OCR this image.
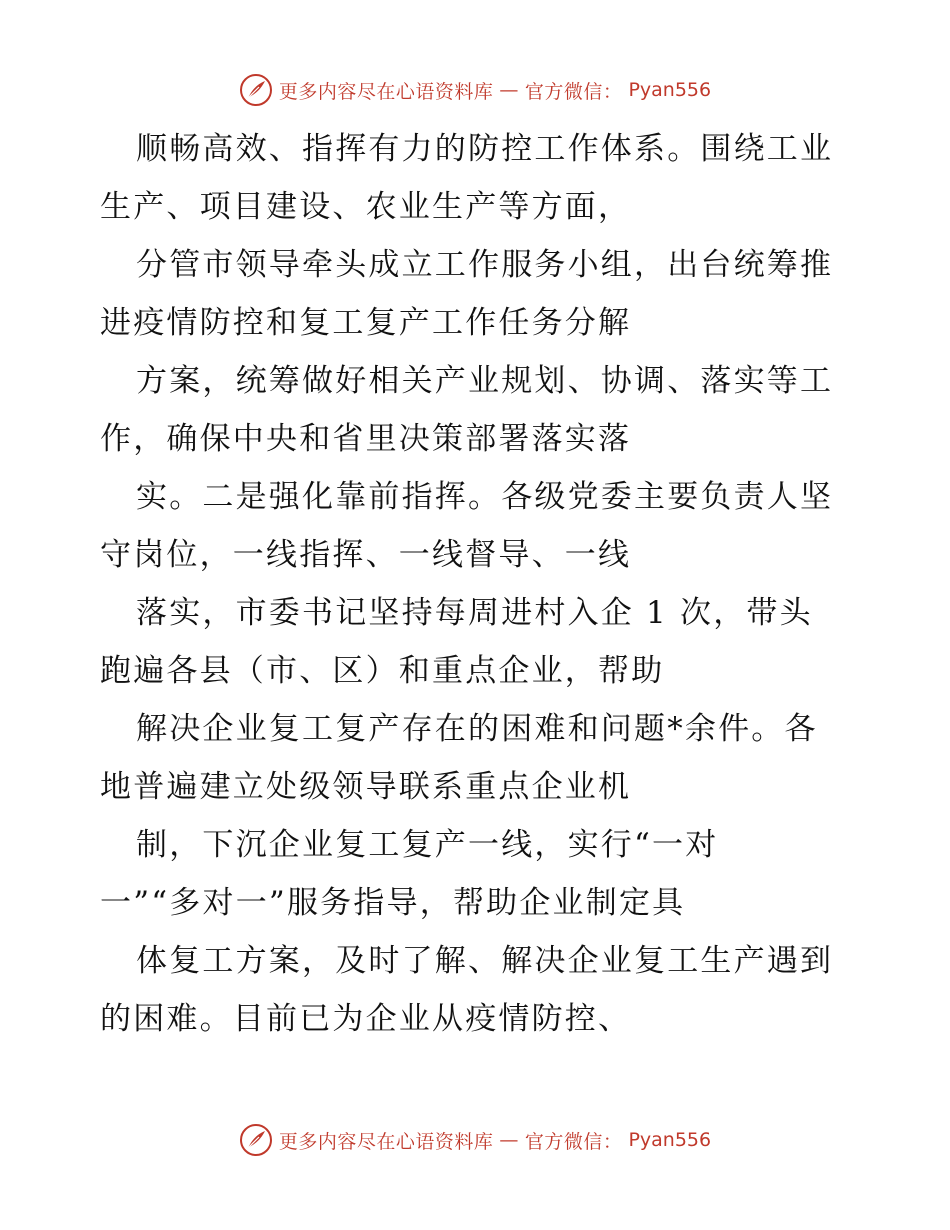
更多内容尽在心语资料库 — 官方微信： Pyan556

顺畅高效、指挥有力的防控工作体系。围绕工业
生产、项目建设、农业生产等方面，

分管市领导牵头成立工作服务小组，出台统筹推
进疫情防控和复工复产工作任务分解

方案，统筹做好相关产业规划、协调、落实等工
作，确保中央和省里决策部署落实落

实。二是强化靠前指挥。各级党委主要负责人坚
守岗位，一线指挥、一线督导、一线

落实，市委书记坚持每周进村入企 1 次，带头
跑遍各县（市、区）和重点企业，帮助

解决企业复工复产存在的困难和问题*余件。各
地普遍建立处级领导联系重点企业机

制，下沉企业复工复产一线，实行“一对
一”“多对一”服务指导，帮助企业制定具

体复工方案，及时了解、解决企业复工生产遇到
的困难。目前已为企业从疫情防控、

更多内容尽在心语资料库 — 官方微信： Pyan556
